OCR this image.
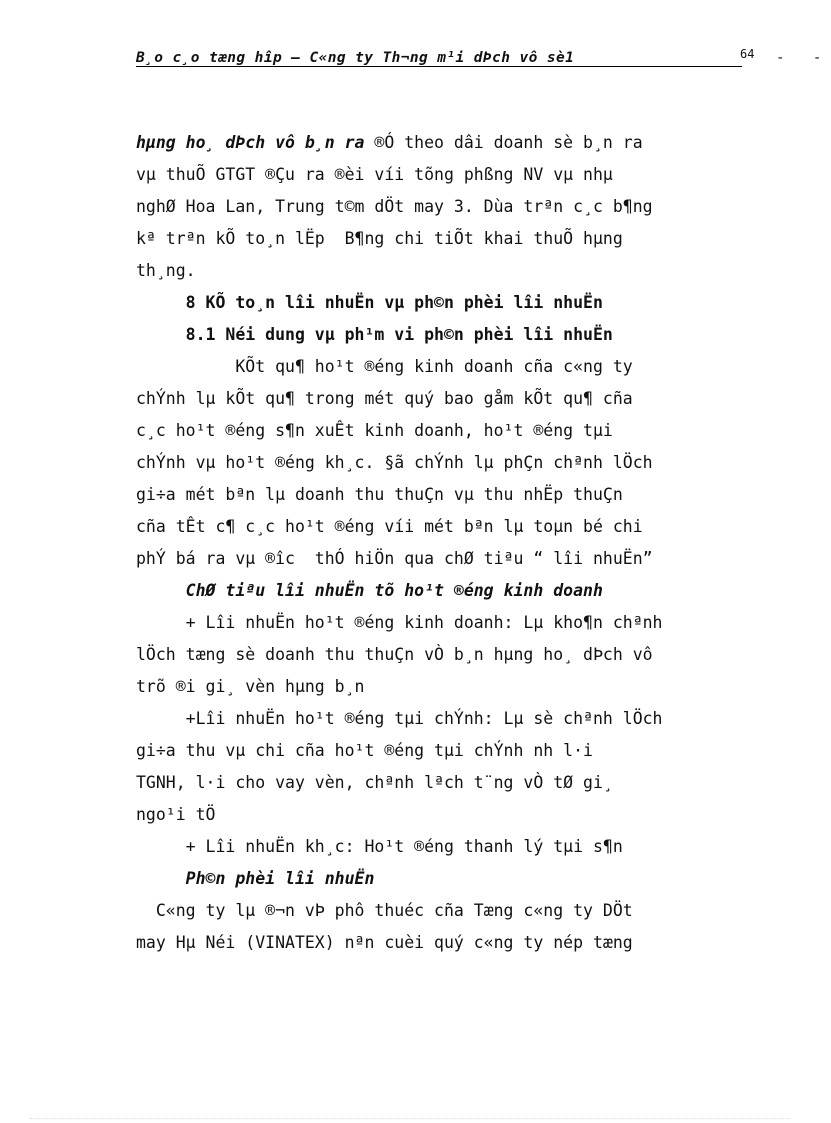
B¸o c¸o tæng hîp – C«ng ty Th¬ng m¹i dÞch vô sè1	64 - -
hµng ho¸ dÞch vô b¸n ra ®Ó theo dâi doanh sè b¸n ra
vµ thuÕ GTGT ®Çu ra ®èi víi tõng phßng NV vµ nhµ
nghØ Hoa Lan, Trung t©m dÖt may 3. Dùa trªn c¸c b¶ng
kª trªn kÕ to¸n lËp  B¶ng chi tiÕt khai thuÕ hµng
th¸ng.
8 KÕ to¸n lîi nhuËn vµ ph©n phèi lîi nhuËn
8.1 Néi dung vµ ph¹m vi ph©n phèi lîi nhuËn
KÕt qu¶ ho¹t ®éng kinh doanh cña c«ng ty
chÝnh lµ kÕt qu¶ trong mét quý bao gåm kÕt qu¶ cña
c¸c ho¹t ®éng s¶n xuÊt kinh doanh, ho¹t ®éng tµi
chÝnh vµ ho¹t ®éng kh¸c. §ã chÝnh lµ phÇn chªnh lÖch
gi÷a mét bªn lµ doanh thu thuÇn vµ thu nhËp thuÇn
cña tÊt c¶ c¸c ho¹t ®éng víi mét bªn lµ toµn bé chi
phÝ bá ra vµ ®îc  thÓ hiÖn qua chØ tiªu “ lîi nhuËn”
ChØ tiªu lîi nhuËn tõ ho¹t ®éng kinh doanh
+ Lîi nhuËn ho¹t ®éng kinh doanh: Lµ kho¶n chªnh
lÖch tæng sè doanh thu thuÇn vÒ b¸n hµng ho¸ dÞch vô
trõ ®i gi¸ vèn hµng b¸n
+Lîi nhuËn ho¹t ®éng tµi chÝnh: Lµ sè chªnh lÖch
gi÷a thu vµ chi cña ho¹t ®éng tµi chÝnh nh l·i
TGNH, l·i cho vay vèn, chªnh lªch t¨ng vÒ tØ gi¸
ngo¹i tÖ
+ Lîi nhuËn kh¸c: Ho¹t ®éng thanh lý tµi s¶n
Ph©n phèi lîi nhuËn
C«ng ty lµ ®¬n vÞ phô thuéc cña Tæng c«ng ty DÖt
may Hµ Néi (VINATEX) nªn cuèi quý c«ng ty nép tæng
